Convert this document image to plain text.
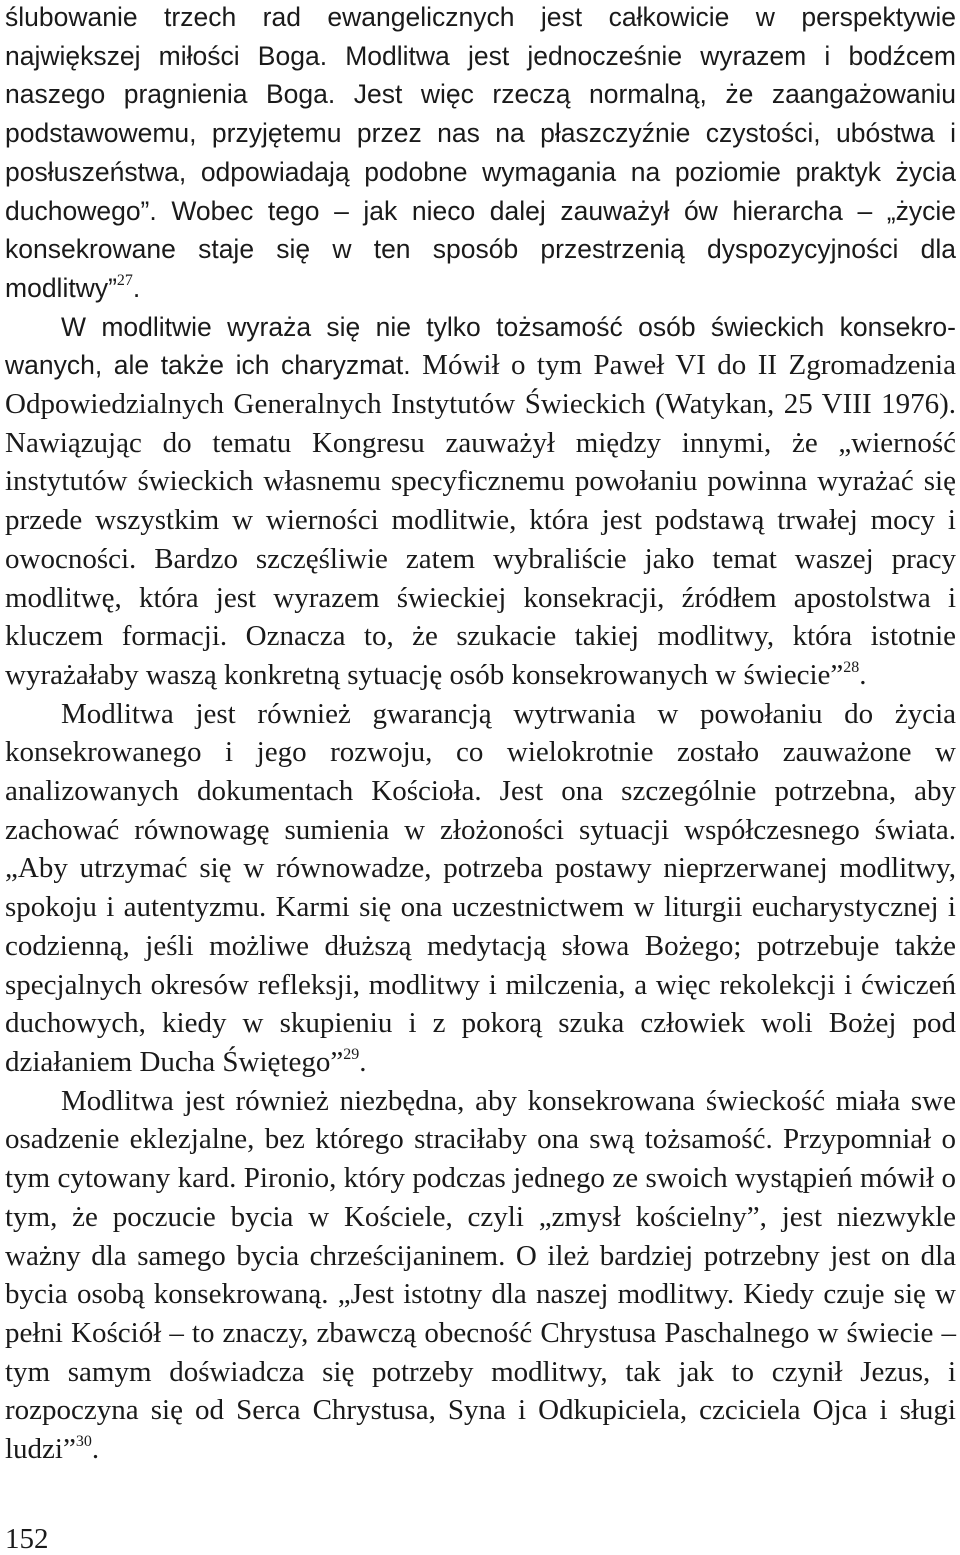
ślubowanie trzech rad ewangelicznych jest całkowicie w perspektywie największej miłości Boga. Modlitwa jest jednocześnie wyrazem i bodźcem naszego pragnienia Boga. Jest więc rzeczą normalną, że zaangażowaniu podstawowemu, przyjętemu przez nas na płaszczyźnie czystości, ubóstwa i posłuszeństwa, odpowiadają podobne wymagania na poziomie praktyk życia duchowego”. Wobec tego – jak nieco dalej zauważył ów hierarcha – „życie konsekrowane staje się w ten sposób przestrzenią dyspozycyjności dla modlitwy”$^{27}$.

W modlitwie wyraża się nie tylko tożsamość osób świeckich konsekrowanych, ale także ich charyzmat. Mówił o tym Paweł VI do II Zgromadzenia Odpowiedzialnych Generalnych Instytutów Świeckich (Watykan, 25 VIII 1976). Nawiązując do tematu Kongresu zauważył między innymi, że „wierność instytutów świeckich własnemu specyficznemu powołaniu powinna wyrażać się przede wszystkim w wierności modlitwie, która jest podstawą trwałej mocy i owocności. Bardzo szczęśliwie zatem wybraliście jako temat waszej pracy modlitwę, która jest wyrazem świeckiej konsekracji, źródłem apostolstwa i kluczem formacji. Oznacza to, że szukacie takiej modlitwy, która istotnie wyrażałaby waszą konkretną sytuację osób konsekrowanych w świecie”$^{28}$.

Modlitwa jest również gwarancją wytrwania w powołaniu do życia konsekrowanego i jego rozwoju, co wielokrotnie zostało zauważone w analizowanych dokumentach Kościoła. Jest ona szczególnie potrzebna, aby zachować równowagę sumienia w złożoności sytuacji współczesnego świata. „Aby utrzymać się w równowadze, potrzeba postawy nieprzerwanej modlitwy, spokoju i autentyzmu. Karmi się ona uczestnictwem w liturgii eucharystycznej i codzienną, jeśli możliwe dłuższą medytacją słowa Bożego; potrzebuje także specjalnych okresów refleksji, modlitwy i milczenia, a więc rekolekcji i ćwiczeń duchowych, kiedy w skupieniu i z pokorą szuka człowiek woli Bożej pod działaniem Ducha Świętego”$^{29}$.

Modlitwa jest również niezbędna, aby konsekrowana świeckość miała swe osadzenie eklezjalne, bez którego straciłaby ona swą tożsamość. Przypomniał o tym cytowany kard. Pironio, który podczas jednego ze swoich wystąpień mówił o tym, że poczucie bycia w Kościele, czyli „zmysł kościelny”, jest niezwykle ważny dla samego bycia chrześcijaninem. O ileż bardziej potrzebny jest on dla bycia osobą konsekrowaną. „Jest istotny dla naszej modlitwy. Kiedy czuje się w pełni Kościół – to znaczy, zbawczą obecność Chrystusa Paschalnego w świecie – tym samym doświadcza się potrzeby modlitwy, tak jak to czynił Jezus, i rozpoczyna się od Serca Chrystusa, Syna i Odkupiciela, czciciela Ojca i sługi ludzi”$^{30}$.

152
